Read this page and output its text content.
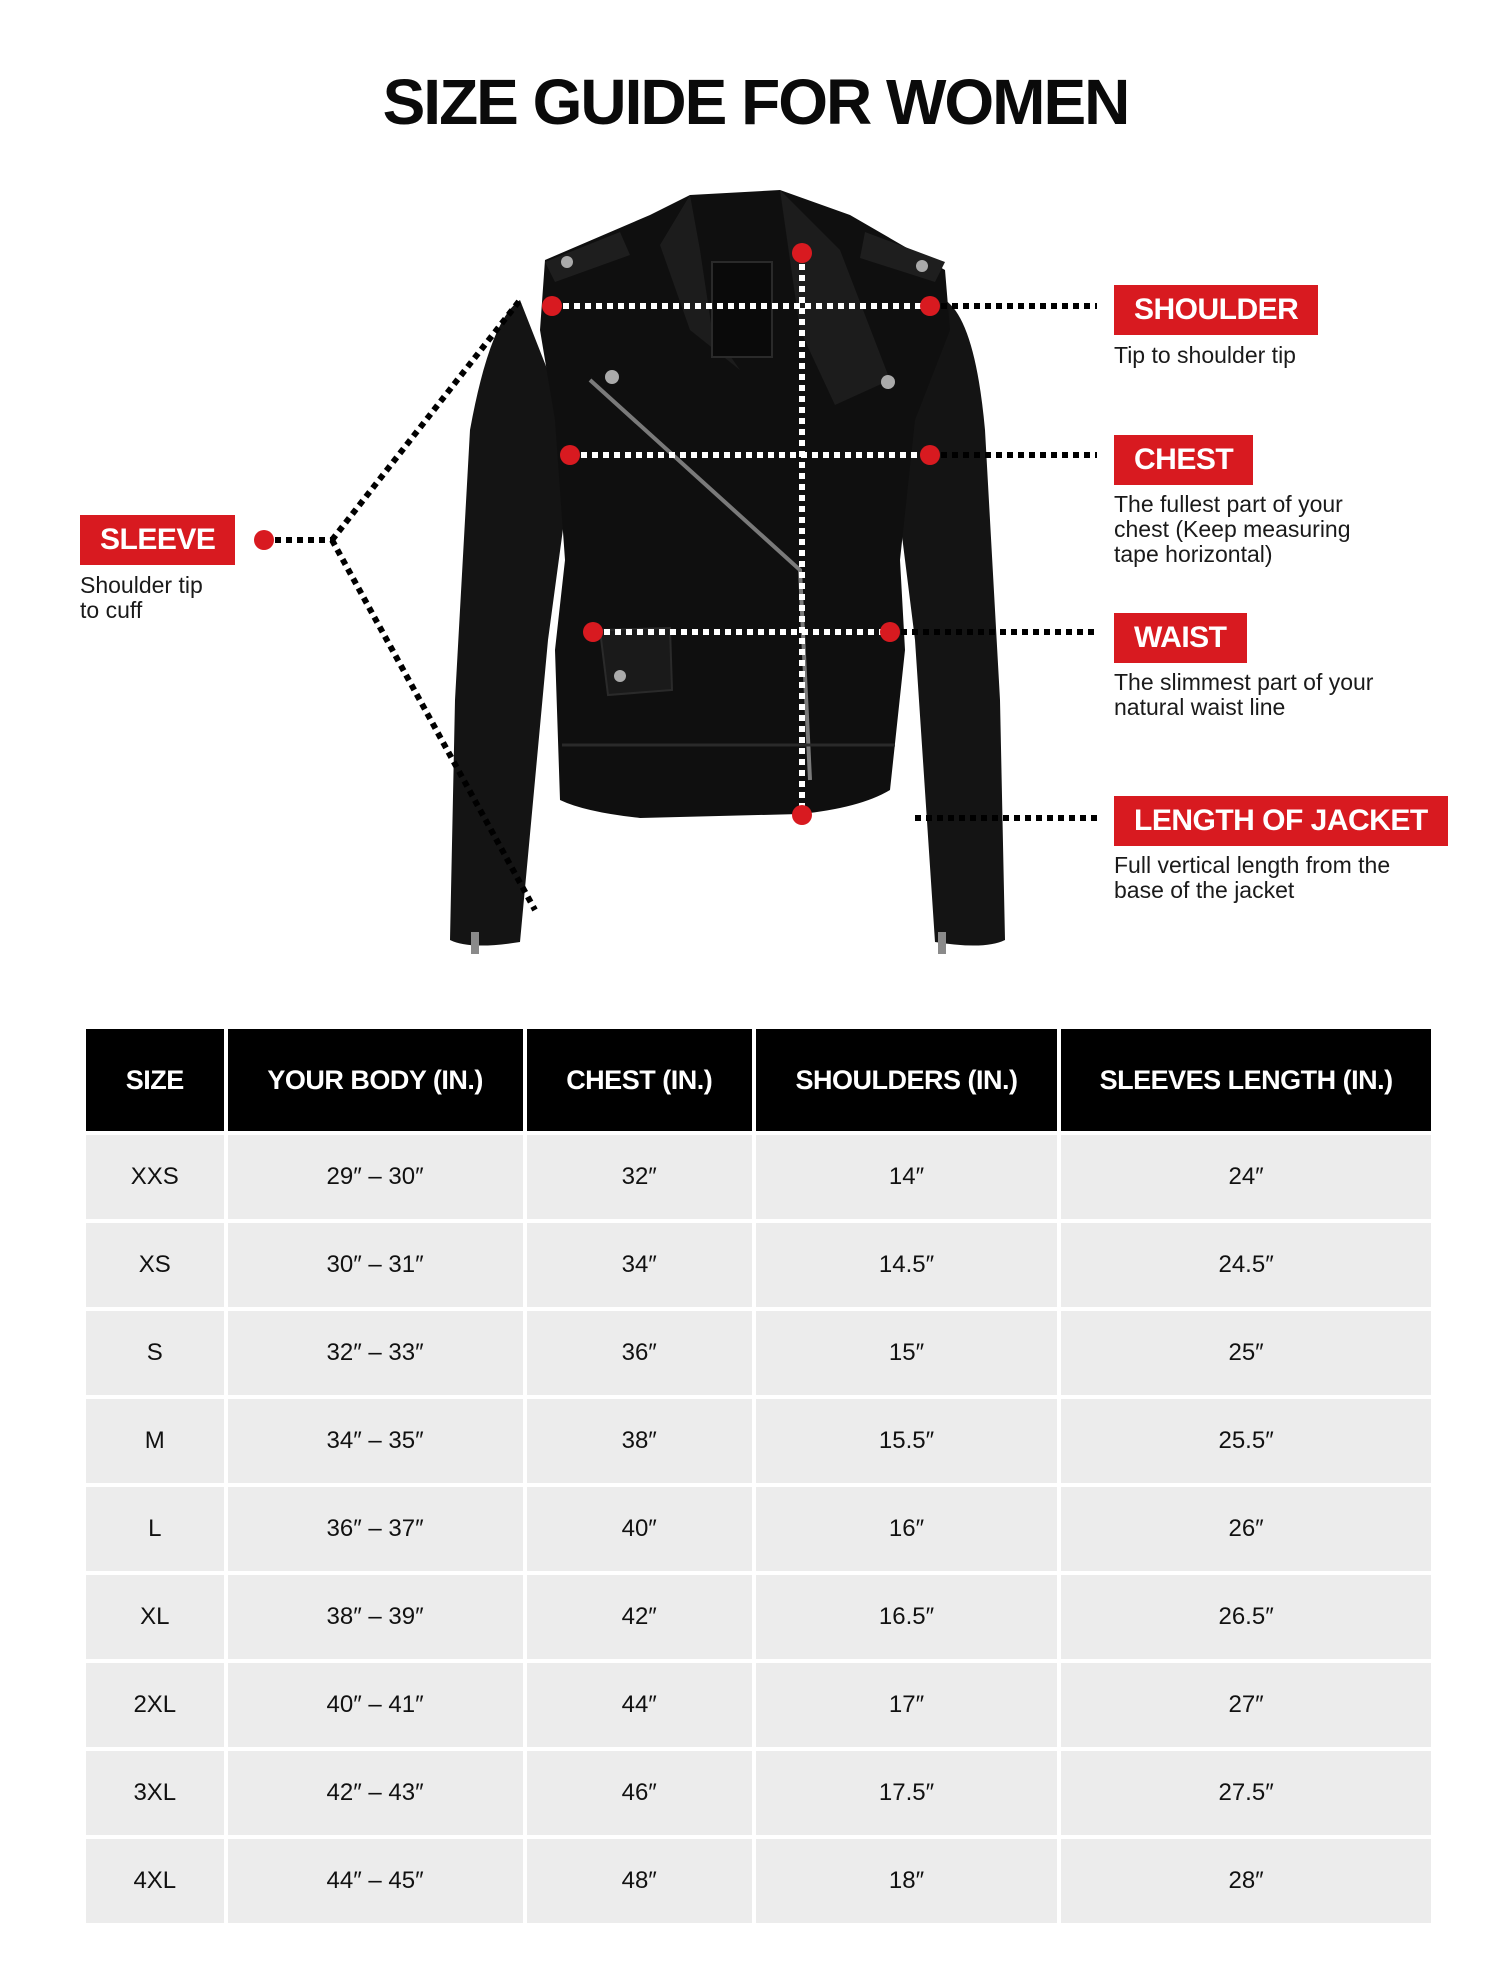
SIZE GUIDE FOR WOMEN
SLEEVE
Shoulder tip
to cuff
SHOULDER
Tip to shoulder tip
CHEST
The fullest part of your
chest (Keep measuring
tape horizontal)
WAIST
The slimmest part of your
natural waist line
LENGTH OF JACKET
Full vertical length from the
base of the jacket
SIZE	YOUR BODY (IN.)	CHEST (IN.)	SHOULDERS (IN.)	SLEEVES LENGTH (IN.)
XXS	29″ – 30″	32″	14″	24″
XS	30″ – 31″	34″	14.5″	24.5″
S	32″ – 33″	36″	15″	25″
M	34″ – 35″	38″	15.5″	25.5″
L	36″ – 37″	40″	16″	26″
XL	38″ – 39″	42″	16.5″	26.5″
2XL	40″ – 41″	44″	17″	27″
3XL	42″ – 43″	46″	17.5″	27.5″
4XL	44″ – 45″	48″	18″	28″
